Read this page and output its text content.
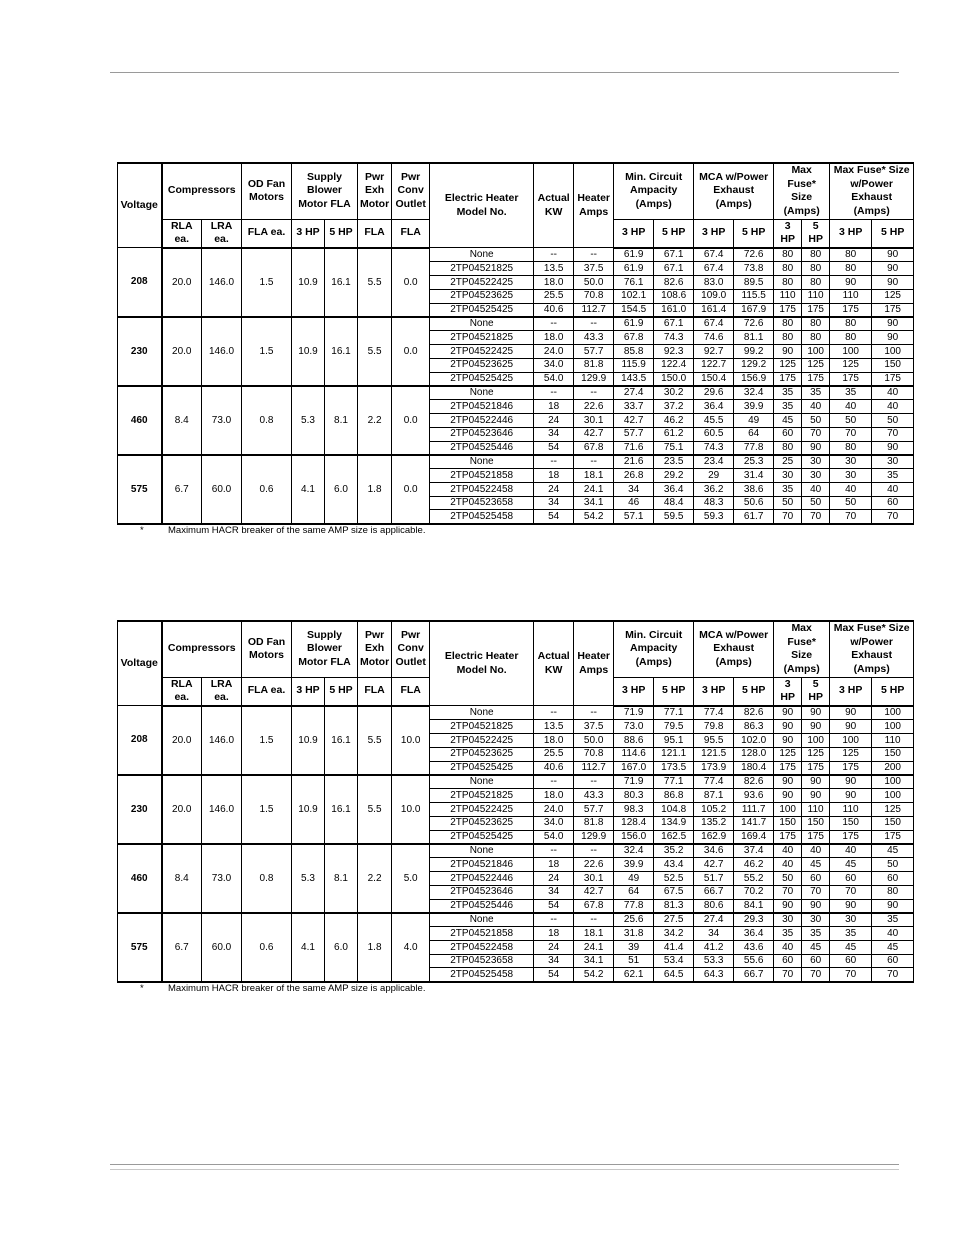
Voltage	Compressors		OD Fan Motors	Supply Blower Motor FLA		Pwr Exh Motor	Pwr Conv Outlet	Electric Heater Model No.	Actual KW	Heater Amps	Min. Circuit Ampacity (Amps)		MCA w/Power Exhaust (Amps)		Max Fuse* Size (Amps)		Max Fuse* Size w/Power Exhaust (Amps)	
	RLA ea.	LRA ea.	FLA ea.	3 HP	5 HP	FLA	FLA				3 HP	5 HP	3 HP	5 HP	3 HP	5 HP	3 HP	5 HP
208	20.0	146.0	1.5	10.9	16.1	5.5	0.0	None	--	--	61.9	67.1	67.4	72.6	80	80	80	90
								2TP04521825	13.5	37.5	61.9	67.1	67.4	73.8	80	80	80	90
								2TP04522425	18.0	50.0	76.1	82.6	83.0	89.5	80	80	90	90
								2TP04523625	25.5	70.8	102.1	108.6	109.0	115.5	110	110	110	125
								2TP04525425	40.6	112.7	154.5	161.0	161.4	167.9	175	175	175	175
230	20.0	146.0	1.5	10.9	16.1	5.5	0.0	None	--	--	61.9	67.1	67.4	72.6	80	80	80	90
								2TP04521825	18.0	43.3	67.8	74.3	74.6	81.1	80	80	80	90
								2TP04522425	24.0	57.7	85.8	92.3	92.7	99.2	90	100	100	100
								2TP04523625	34.0	81.8	115.9	122.4	122.7	129.2	125	125	125	150
								2TP04525425	54.0	129.9	143.5	150.0	150.4	156.9	175	175	175	175
460	8.4	73.0	0.8	5.3	8.1	2.2	0.0	None	--	--	27.4	30.2	29.6	32.4	35	35	35	40
								2TP04521846	18	22.6	33.7	37.2	36.4	39.9	35	40	40	40
								2TP04522446	24	30.1	42.7	46.2	45.5	49	45	50	50	50
								2TP04523646	34	42.7	57.7	61.2	60.5	64	60	70	70	70
								2TP04525446	54	67.8	71.6	75.1	74.3	77.8	80	90	80	90
575	6.7	60.0	0.6	4.1	6.0	1.8	0.0	None	--	--	21.6	23.5	23.4	25.3	25	30	30	30
								2TP04521858	18	18.1	26.8	29.2	29	31.4	30	30	30	35
								2TP04522458	24	24.1	34	36.4	36.2	38.6	35	40	40	40
								2TP04523658	34	34.1	46	48.4	48.3	50.6	50	50	50	60
								2TP04525458	54	54.2	57.1	59.5	59.3	61.7	70	70	70	70
*	Maximum HACR breaker of the same AMP size is applicable.
Voltage	Compressors		OD Fan Motors	Supply Blower Motor FLA		Pwr Exh Motor	Pwr Conv Outlet	Electric Heater Model No.	Actual KW	Heater Amps	Min. Circuit Ampacity (Amps)		MCA w/Power Exhaust (Amps)		Max Fuse* Size (Amps)		Max Fuse* Size w/Power Exhaust (Amps)	
	RLA ea.	LRA ea.	FLA ea.	3 HP	5 HP	FLA	FLA				3 HP	5 HP	3 HP	5 HP	3 HP	5 HP	3 HP	5 HP
208	20.0	146.0	1.5	10.9	16.1	5.5	10.0	None	--	--	71.9	77.1	77.4	82.6	90	90	90	100
								2TP04521825	13.5	37.5	73.0	79.5	79.8	86.3	90	90	90	100
								2TP04522425	18.0	50.0	88.6	95.1	95.5	102.0	90	100	100	110
								2TP04523625	25.5	70.8	114.6	121.1	121.5	128.0	125	125	125	150
								2TP04525425	40.6	112.7	167.0	173.5	173.9	180.4	175	175	175	200
230	20.0	146.0	1.5	10.9	16.1	5.5	10.0	None	--	--	71.9	77.1	77.4	82.6	90	90	90	100
								2TP04521825	18.0	43.3	80.3	86.8	87.1	93.6	90	90	90	100
								2TP04522425	24.0	57.7	98.3	104.8	105.2	111.7	100	110	110	125
								2TP04523625	34.0	81.8	128.4	134.9	135.2	141.7	150	150	150	150
								2TP04525425	54.0	129.9	156.0	162.5	162.9	169.4	175	175	175	175
460	8.4	73.0	0.8	5.3	8.1	2.2	5.0	None	--	--	32.4	35.2	34.6	37.4	40	40	40	45
								2TP04521846	18	22.6	39.9	43.4	42.7	46.2	40	45	45	50
								2TP04522446	24	30.1	49	52.5	51.7	55.2	50	60	60	60
								2TP04523646	34	42.7	64	67.5	66.7	70.2	70	70	70	80
								2TP04525446	54	67.8	77.8	81.3	80.6	84.1	90	90	90	90
575	6.7	60.0	0.6	4.1	6.0	1.8	4.0	None	--	--	25.6	27.5	27.4	29.3	30	30	30	35
								2TP04521858	18	18.1	31.8	34.2	34	36.4	35	35	35	40
								2TP04522458	24	24.1	39	41.4	41.2	43.6	40	45	45	45
								2TP04523658	34	34.1	51	53.4	53.3	55.6	60	60	60	60
								2TP04525458	54	54.2	62.1	64.5	64.3	66.7	70	70	70	70
*	Maximum HACR breaker of the same AMP size is applicable.
